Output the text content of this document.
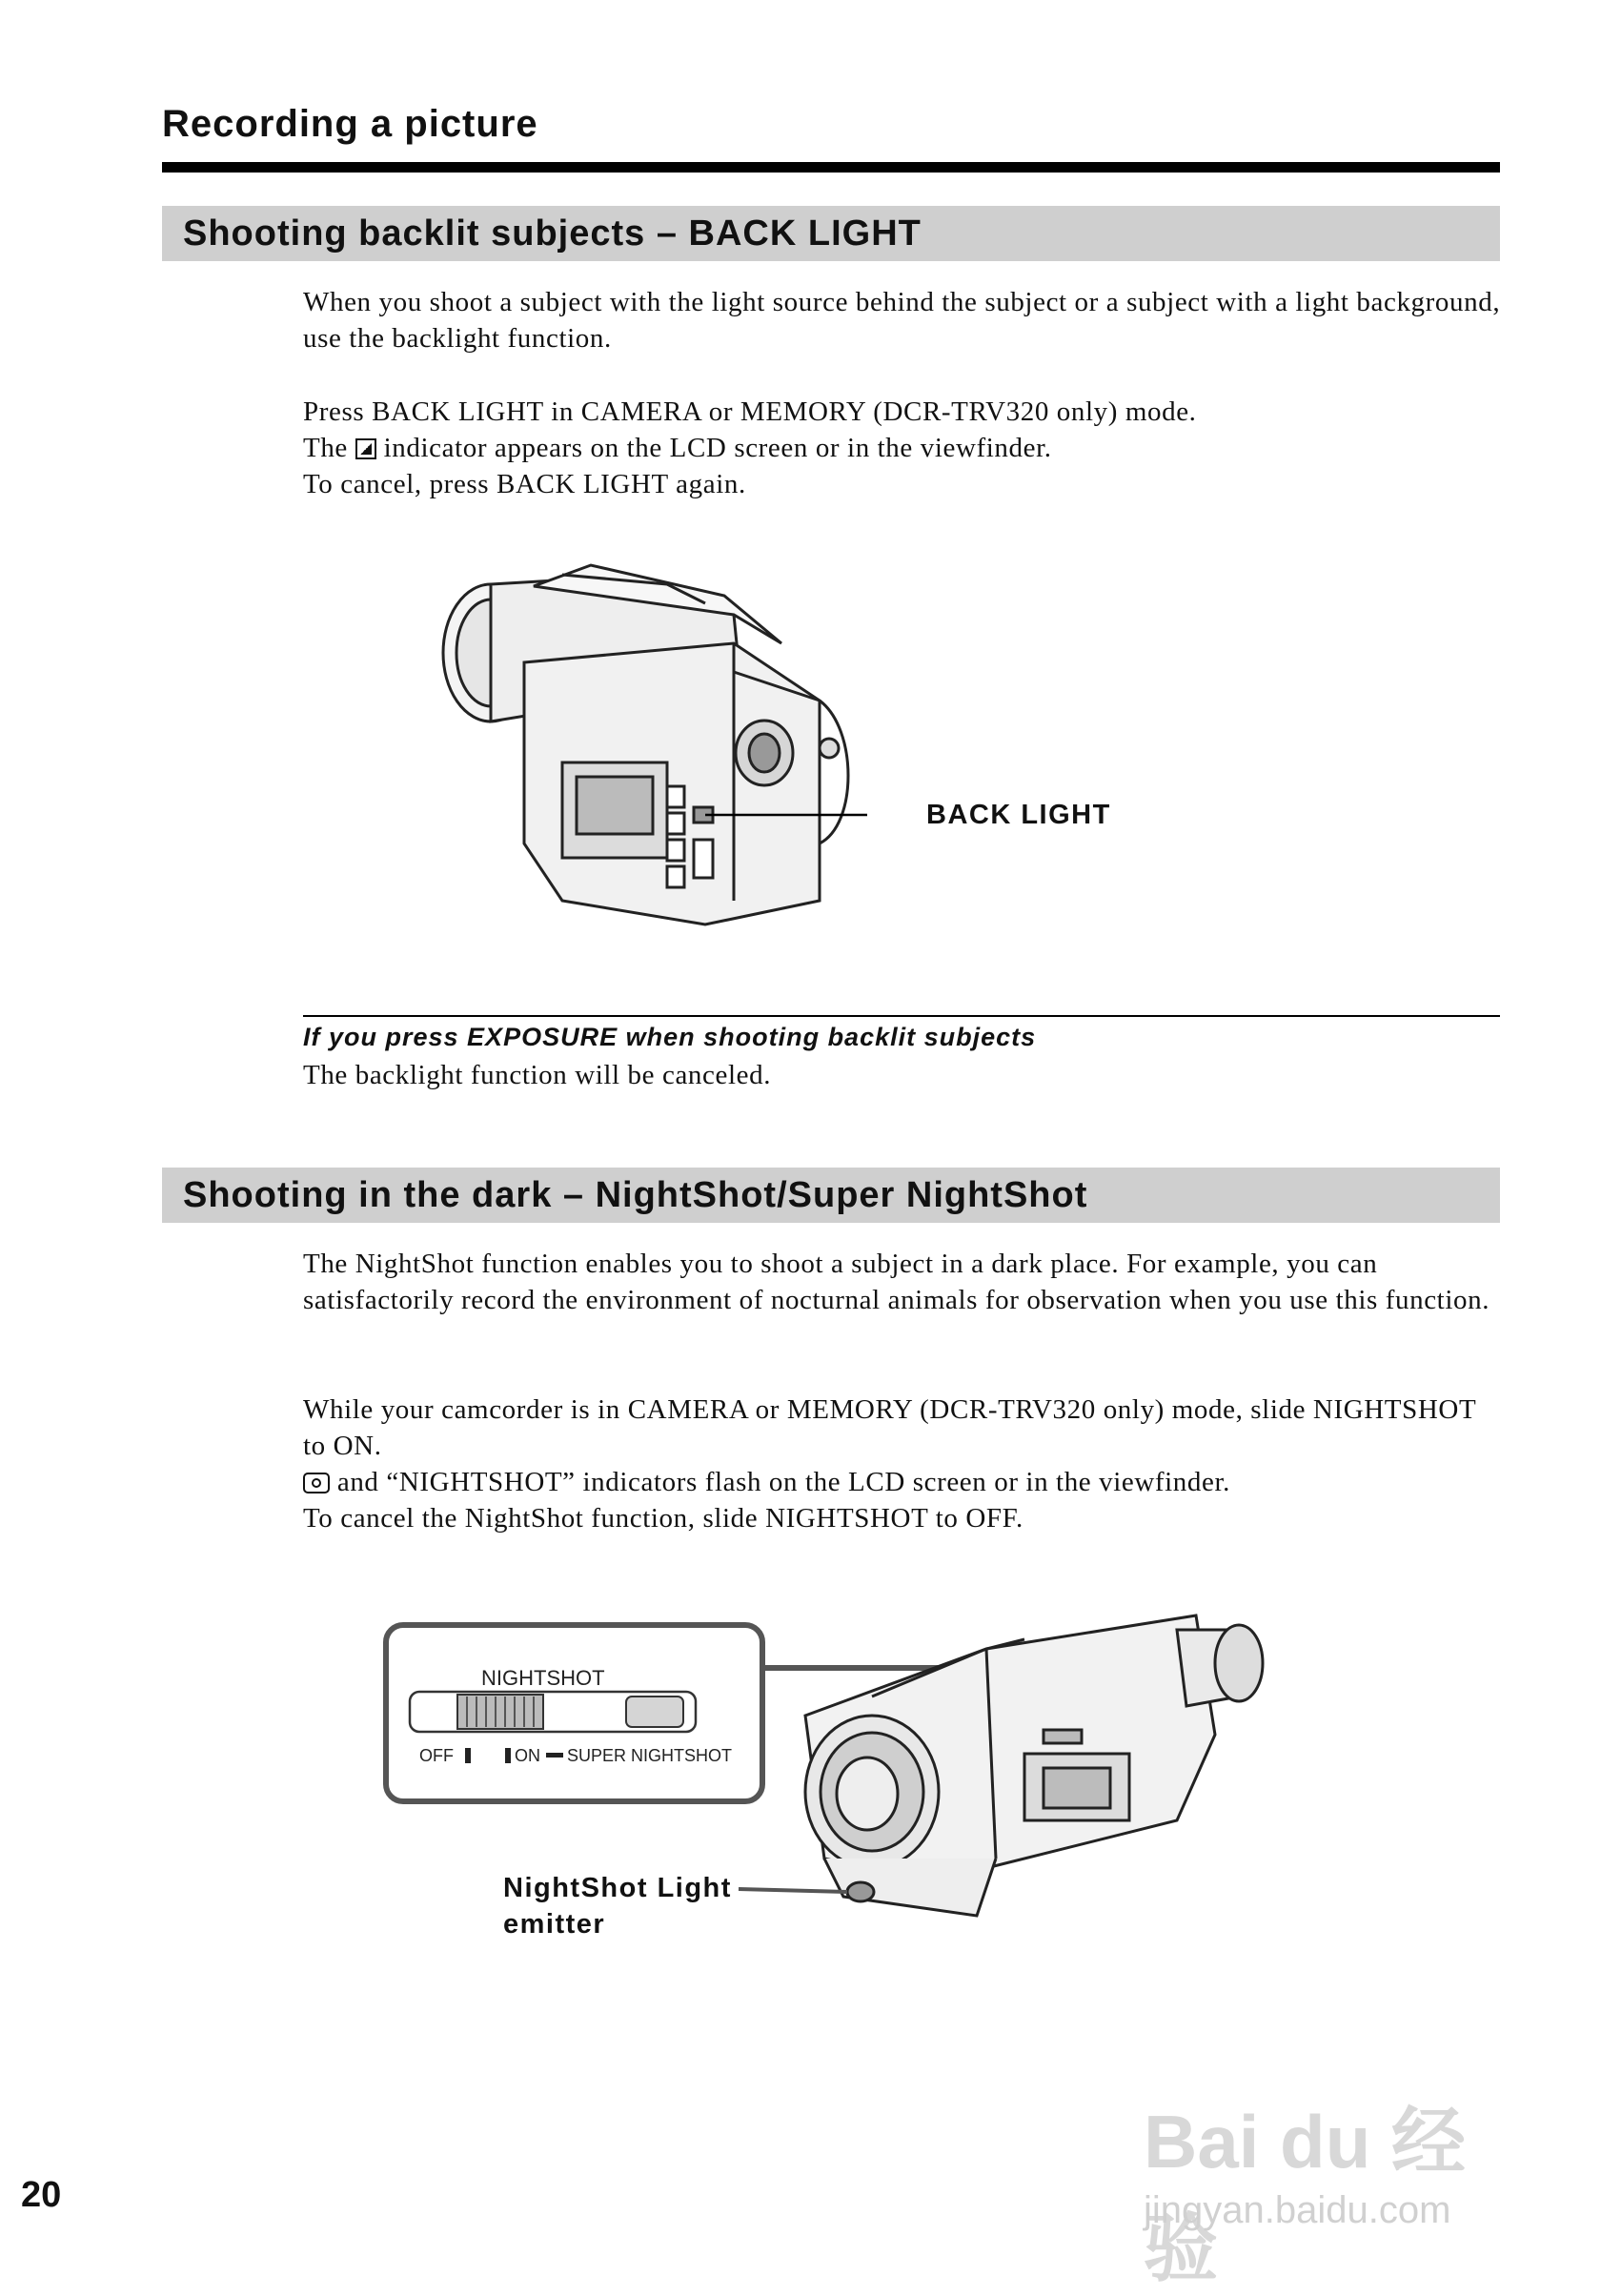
Recording a picture
Shooting backlit subjects – BACK LIGHT

When you shoot a subject with the light source behind the subject or a subject with a light background, use the backlight function.

Press BACK LIGHT in CAMERA or MEMORY (DCR-TRV320 only) mode.

The indicator appears on the LCD screen or in the viewfinder.

To cancel, press BACK LIGHT again.

BACK LIGHT
If you press EXPOSURE when shooting backlit subjects
The backlight function will be canceled.
Shooting in the dark – NightShot/Super NightShot

The NightShot function enables you to shoot a subject in a dark place. For example, you can satisfactorily record the environment of nocturnal animals for observation when you use this function.

While your camcorder is in CAMERA or MEMORY (DCR-TRV320 only) mode, slide NIGHTSHOT to ON.

and “NIGHTSHOT” indicators flash on the LCD screen or in the viewfinder.

To cancel the NightShot function, slide NIGHTSHOT to OFF.

NIGHTSHOT
OFF	ON SUPER NIGHTSHOT
NightShot Light
emitter
20
Bai du 经验
jingyan.baidu.com
